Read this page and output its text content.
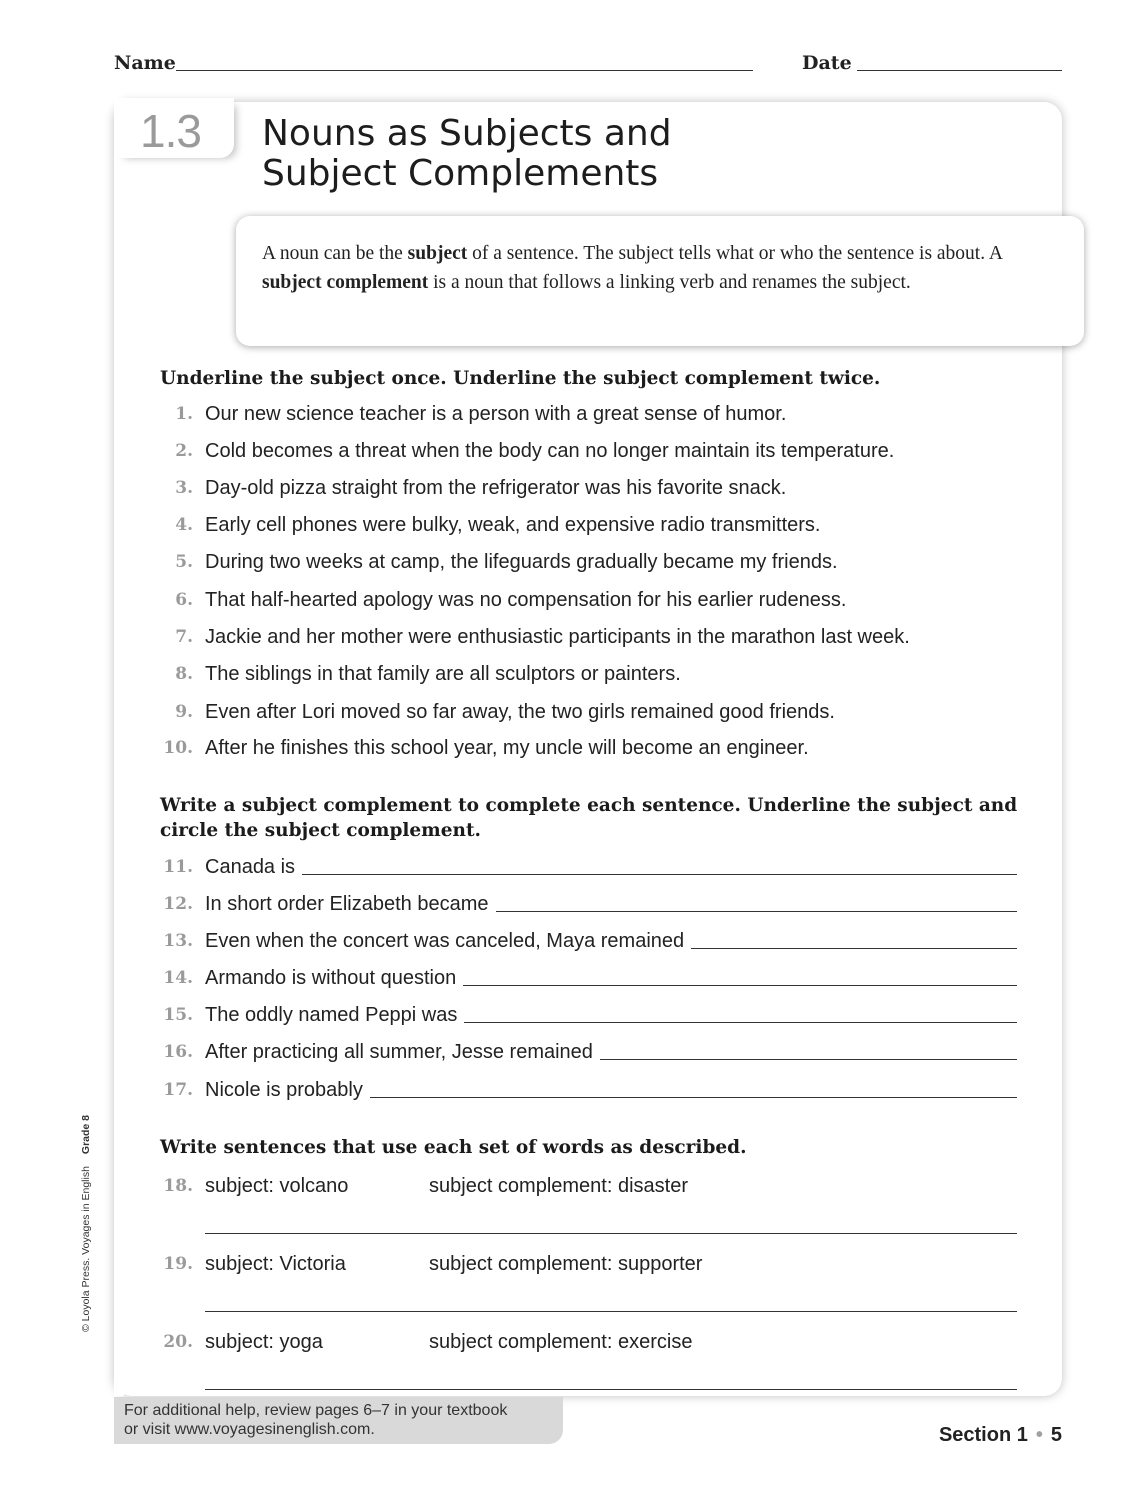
Name	Date
1.3 Nouns as Subjects and
Subject Complements
A noun can be the subject of a sentence. The subject tells what or who the sentence is about. A subject complement is a noun that follows a linking verb and renames the subject.
Underline the subject once. Underline the subject complement twice.
1. Our new science teacher is a person with a great sense of humor.
2. Cold becomes a threat when the body can no longer maintain its temperature.
3. Day-old pizza straight from the refrigerator was his favorite snack.
4. Early cell phones were bulky, weak, and expensive radio transmitters.
5. During two weeks at camp, the lifeguards gradually became my friends.
6. That half-hearted apology was no compensation for his earlier rudeness.
7. Jackie and her mother were enthusiastic participants in the marathon last week.
8. The siblings in that family are all sculptors or painters.
9. Even after Lori moved so far away, the two girls remained good friends.
10. After he finishes this school year, my uncle will become an engineer.
Write a subject complement to complete each sentence. Underline the subject and circle the subject complement.
11. Canada is
12. In short order Elizabeth became
13. Even when the concert was canceled, Maya remained
14. Armando is without question
15. The oddly named Peppi was
16. After practicing all summer, Jesse remained
17. Nicole is probably
Write sentences that use each set of words as described.
18. subject: volcano	subject complement: disaster
19. subject: Victoria	subject complement: supporter
20. subject: yoga	subject complement: exercise
For additional help, review pages 6–7 in your textbook
or visit www.voyagesinenglish.com.	Section 1 • 5
© Loyola Press. Voyages in EnglishGrade 8
